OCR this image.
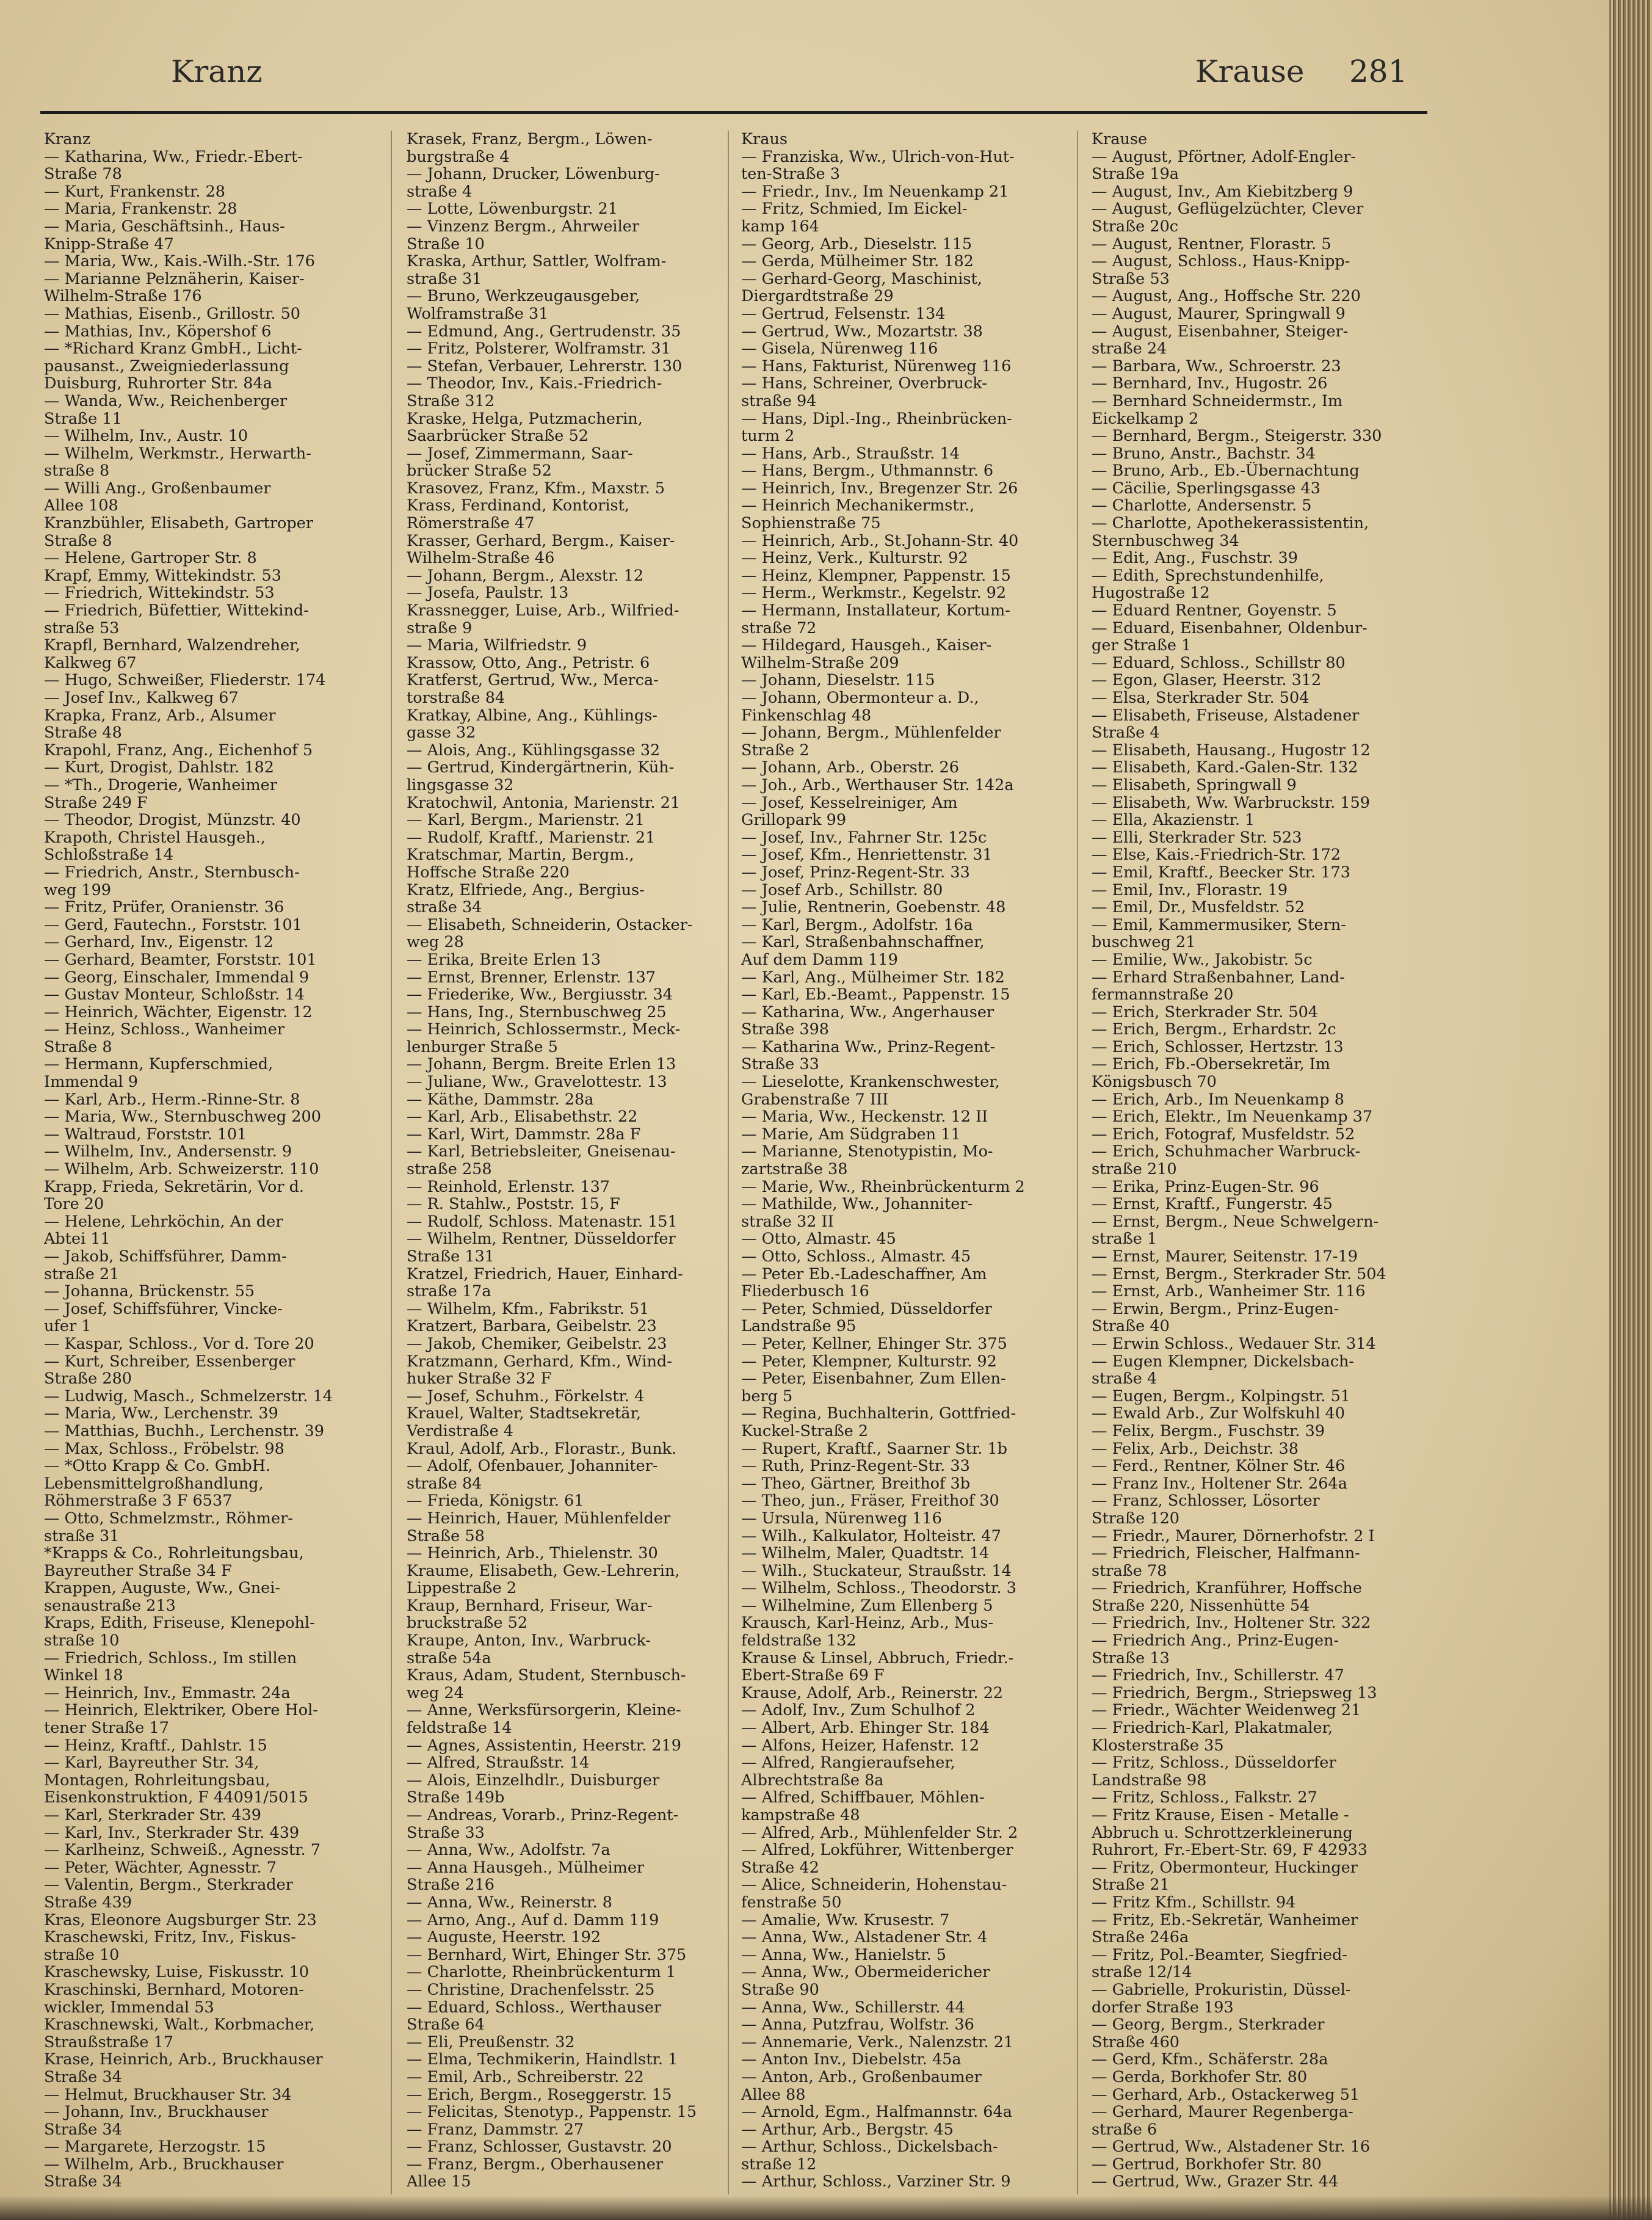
Kranz	Krause 281
Kranz
— Katharina, Ww., Friedr.-Ebert-
Straße 78
— Kurt, Frankenstr. 28
— Maria, Frankenstr. 28
— Maria, Geschäftsinh., Haus-
Knipp-Straße 47
— Maria, Ww., Kais.-Wilh.-Str. 176
— Marianne Pelznäherin, Kaiser-
Wilhelm-Straße 176
— Mathias, Eisenb., Grillostr. 50
— Mathias, Inv., Köpershof 6
— *Richard Kranz GmbH., Licht-
pausanst., Zweigniederlassung
Duisburg, Ruhrorter Str. 84a
— Wanda, Ww., Reichenberger
Straße 11
— Wilhelm, Inv., Austr. 10
— Wilhelm, Werkmstr., Herwarth-
straße 8
— Willi Ang., Großenbaumer
Allee 108
Kranzbühler, Elisabeth, Gartroper
Straße 8
— Helene, Gartroper Str. 8
Krapf, Emmy, Wittekindstr. 53
— Friedrich, Wittekindstr. 53
— Friedrich, Büfettier, Wittekind-
straße 53
Krapfl, Bernhard, Walzendreher,
Kalkweg 67
— Hugo, Schweißer, Fliederstr. 174
— Josef Inv., Kalkweg 67
Krapka, Franz, Arb., Alsumer
Straße 48
Krapohl, Franz, Ang., Eichenhof 5
— Kurt, Drogist, Dahlstr. 182
— *Th., Drogerie, Wanheimer
Straße 249 F
— Theodor, Drogist, Münzstr. 40
Krapoth, Christel Hausgeh.,
Schloßstraße 14
— Friedrich, Anstr., Sternbusch-
weg 199
— Fritz, Prüfer, Oranienstr. 36
— Gerd, Fautechn., Forststr. 101
— Gerhard, Inv., Eigenstr. 12
— Gerhard, Beamter, Forststr. 101
— Georg, Einschaler, Immendal 9
— Gustav Monteur, Schloßstr. 14
— Heinrich, Wächter, Eigenstr. 12
— Heinz, Schloss., Wanheimer
Straße 8
— Hermann, Kupferschmied,
Immendal 9
— Karl, Arb., Herm.-Rinne-Str. 8
— Maria, Ww., Sternbuschweg 200
— Waltraud, Forststr. 101
— Wilhelm, Inv., Andersenstr. 9
— Wilhelm, Arb. Schweizerstr. 110
Krapp, Frieda, Sekretärin, Vor d.
Tore 20
— Helene, Lehrköchin, An der
Abtei 11
— Jakob, Schiffsführer, Damm-
straße 21
— Johanna, Brückenstr. 55
— Josef, Schiffsführer, Vincke-
ufer 1
— Kaspar, Schloss., Vor d. Tore 20
— Kurt, Schreiber, Essenberger
Straße 280
— Ludwig, Masch., Schmelzerstr. 14
— Maria, Ww., Lerchenstr. 39
— Matthias, Buchh., Lerchenstr. 39
— Max, Schloss., Fröbelstr. 98
— *Otto Krapp & Co. GmbH.
Lebensmittelgroßhandlung,
Röhmerstraße 3 F 6537
— Otto, Schmelzmstr., Röhmer-
straße 31
*Krapps & Co., Rohrleitungsbau,
Bayreuther Straße 34 F
Krappen, Auguste, Ww., Gnei-
senaustraße 213
Kraps, Edith, Friseuse, Klenepohl-
straße 10
— Friedrich, Schloss., Im stillen
Winkel 18
— Heinrich, Inv., Emmastr. 24a
— Heinrich, Elektriker, Obere Hol-
tener Straße 17
— Heinz, Kraftf., Dahlstr. 15
— Karl, Bayreuther Str. 34,
Montagen, Rohrleitungsbau,
Eisenkonstruktion, F 44091/5015
— Karl, Sterkrader Str. 439
— Karl, Inv., Sterkrader Str. 439
— Karlheinz, Schweiß., Agnesstr. 7
— Peter, Wächter, Agnesstr. 7
— Valentin, Bergm., Sterkrader
Straße 439
Kras, Eleonore Augsburger Str. 23
Kraschewski, Fritz, Inv., Fiskus-
straße 10
Kraschewsky, Luise, Fiskusstr. 10
Kraschinski, Bernhard, Motoren-
wickler, Immendal 53
Kraschnewski, Walt., Korbmacher,
Straußstraße 17
Krase, Heinrich, Arb., Bruckhauser
Straße 34
— Helmut, Bruckhauser Str. 34
— Johann, Inv., Bruckhauser
Straße 34
— Margarete, Herzogstr. 15
— Wilhelm, Arb., Bruckhauser
Straße 34
Krasek, Franz, Bergm., Löwen-
burgstraße 4
— Johann, Drucker, Löwenburg-
straße 4
— Lotte, Löwenburgstr. 21
— Vinzenz Bergm., Ahrweiler
Straße 10
Kraska, Arthur, Sattler, Wolfram-
straße 31
— Bruno, Werkzeugausgeber,
Wolframstraße 31
— Edmund, Ang., Gertrudenstr. 35
— Fritz, Polsterer, Wolframstr. 31
— Stefan, Verbauer, Lehrerstr. 130
— Theodor, Inv., Kais.-Friedrich-
Straße 312
Kraske, Helga, Putzmacherin,
Saarbrücker Straße 52
— Josef, Zimmermann, Saar-
brücker Straße 52
Krasovez, Franz, Kfm., Maxstr. 5
Krass, Ferdinand, Kontorist,
Römerstraße 47
Krasser, Gerhard, Bergm., Kaiser-
Wilhelm-Straße 46
— Johann, Bergm., Alexstr. 12
— Josefa, Paulstr. 13
Krassnegger, Luise, Arb., Wilfried-
straße 9
— Maria, Wilfriedstr. 9
Krassow, Otto, Ang., Petristr. 6
Kratferst, Gertrud, Ww., Merca-
torstraße 84
Kratkay, Albine, Ang., Kühlings-
gasse 32
— Alois, Ang., Kühlingsgasse 32
— Gertrud, Kindergärtnerin, Küh-
lingsgasse 32
Kratochwil, Antonia, Marienstr. 21
— Karl, Bergm., Marienstr. 21
— Rudolf, Kraftf., Marienstr. 21
Kratschmar, Martin, Bergm.,
Hoffsche Straße 220
Kratz, Elfriede, Ang., Bergius-
straße 34
— Elisabeth, Schneiderin, Ostacker-
weg 28
— Erika, Breite Erlen 13
— Ernst, Brenner, Erlenstr. 137
— Friederike, Ww., Bergiusstr. 34
— Hans, Ing., Sternbuschweg 25
— Heinrich, Schlossermstr., Meck-
lenburger Straße 5
— Johann, Bergm. Breite Erlen 13
— Juliane, Ww., Gravelottestr. 13
— Käthe, Dammstr. 28a
— Karl, Arb., Elisabethstr. 22
— Karl, Wirt, Dammstr. 28a F
— Karl, Betriebsleiter, Gneisenau-
straße 258
— Reinhold, Erlenstr. 137
— R. Stahlw., Poststr. 15, F
— Rudolf, Schloss. Matenastr. 151
— Wilhelm, Rentner, Düsseldorfer
Straße 131
Kratzel, Friedrich, Hauer, Einhard-
straße 17a
— Wilhelm, Kfm., Fabrikstr. 51
Kratzert, Barbara, Geibelstr. 23
— Jakob, Chemiker, Geibelstr. 23
Kratzmann, Gerhard, Kfm., Wind-
huker Straße 32 F
— Josef, Schuhm., Förkelstr. 4
Krauel, Walter, Stadtsekretär,
Verdistraße 4
Kraul, Adolf, Arb., Florastr., Bunk.
— Adolf, Ofenbauer, Johanniter-
straße 84
— Frieda, Königstr. 61
— Heinrich, Hauer, Mühlenfelder
Straße 58
— Heinrich, Arb., Thielenstr. 30
Kraume, Elisabeth, Gew.-Lehrerin,
Lippestraße 2
Kraup, Bernhard, Friseur, War-
bruckstraße 52
Kraupe, Anton, Inv., Warbruck-
straße 54a
Kraus, Adam, Student, Sternbusch-
weg 24
— Anne, Werksfürsorgerin, Kleine-
feldstraße 14
— Agnes, Assistentin, Heerstr. 219
— Alfred, Straußstr. 14
— Alois, Einzelhdlr., Duisburger
Straße 149b
— Andreas, Vorarb., Prinz-Regent-
Straße 33
— Anna, Ww., Adolfstr. 7a
— Anna Hausgeh., Mülheimer
Straße 216
— Anna, Ww., Reinerstr. 8
— Arno, Ang., Auf d. Damm 119
— Auguste, Heerstr. 192
— Bernhard, Wirt, Ehinger Str. 375
— Charlotte, Rheinbrückenturm 1
— Christine, Drachenfelsstr. 25
— Eduard, Schloss., Werthauser
Straße 64
— Eli, Preußenstr. 32
— Elma, Techmikerin, Haindlstr. 1
— Emil, Arb., Schreiberstr. 22
— Erich, Bergm., Roseggerstr. 15
— Felicitas, Stenotyp., Pappenstr. 15
— Franz, Dammstr. 27
— Franz, Schlosser, Gustavstr. 20
— Franz, Bergm., Oberhausener
Allee 15
Kraus
— Franziska, Ww., Ulrich-von-Hut-
ten-Straße 3
— Friedr., Inv., Im Neuenkamp 21
— Fritz, Schmied, Im Eickel-
kamp 164
— Georg, Arb., Dieselstr. 115
— Gerda, Mülheimer Str. 182
— Gerhard-Georg, Maschinist,
Diergardtstraße 29
— Gertrud, Felsenstr. 134
— Gertrud, Ww., Mozartstr. 38
— Gisela, Nürenweg 116
— Hans, Fakturist, Nürenweg 116
— Hans, Schreiner, Overbruck-
straße 94
— Hans, Dipl.-Ing., Rheinbrücken-
turm 2
— Hans, Arb., Straußstr. 14
— Hans, Bergm., Uthmannstr. 6
— Heinrich, Inv., Bregenzer Str. 26
— Heinrich Mechanikermstr.,
Sophienstraße 75
— Heinrich, Arb., St.Johann-Str. 40
— Heinz, Verk., Kulturstr. 92
— Heinz, Klempner, Pappenstr. 15
— Herm., Werkmstr., Kegelstr. 92
— Hermann, Installateur, Kortum-
straße 72
— Hildegard, Hausgeh., Kaiser-
Wilhelm-Straße 209
— Johann, Dieselstr. 115
— Johann, Obermonteur a. D.,
Finkenschlag 48
— Johann, Bergm., Mühlenfelder
Straße 2
— Johann, Arb., Oberstr. 26
— Joh., Arb., Werthauser Str. 142a
— Josef, Kesselreiniger, Am
Grillopark 99
— Josef, Inv., Fahrner Str. 125c
— Josef, Kfm., Henriettenstr. 31
— Josef, Prinz-Regent-Str. 33
— Josef Arb., Schillstr. 80
— Julie, Rentnerin, Goebenstr. 48
— Karl, Bergm., Adolfstr. 16a
— Karl, Straßenbahnschaffner,
Auf dem Damm 119
— Karl, Ang., Mülheimer Str. 182
— Karl, Eb.-Beamt., Pappenstr. 15
— Katharina, Ww., Angerhauser
Straße 398
— Katharina Ww., Prinz-Regent-
Straße 33
— Lieselotte, Krankenschwester,
Grabenstraße 7 III
— Maria, Ww., Heckenstr. 12 II
— Marie, Am Südgraben 11
— Marianne, Stenotypistin, Mo-
zartstraße 38
— Marie, Ww., Rheinbrückenturm 2
— Mathilde, Ww., Johanniter-
straße 32 II
— Otto, Almastr. 45
— Otto, Schloss., Almastr. 45
— Peter Eb.-Ladeschaffner, Am
Fliederbusch 16
— Peter, Schmied, Düsseldorfer
Landstraße 95
— Peter, Kellner, Ehinger Str. 375
— Peter, Klempner, Kulturstr. 92
— Peter, Eisenbahner, Zum Ellen-
berg 5
— Regina, Buchhalterin, Gottfried-
Kuckel-Straße 2
— Rupert, Kraftf., Saarner Str. 1b
— Ruth, Prinz-Regent-Str. 33
— Theo, Gärtner, Breithof 3b
— Theo, jun., Fräser, Freithof 30
— Ursula, Nürenweg 116
— Wilh., Kalkulator, Holteistr. 47
— Wilhelm, Maler, Quadtstr. 14
— Wilh., Stuckateur, Straußstr. 14
— Wilhelm, Schloss., Theodorstr. 3
— Wilhelmine, Zum Ellenberg 5
Krausch, Karl-Heinz, Arb., Mus-
feldstraße 132
Krause & Linsel, Abbruch, Friedr.-
Ebert-Straße 69 F
Krause, Adolf, Arb., Reinerstr. 22
— Adolf, Inv., Zum Schulhof 2
— Albert, Arb. Ehinger Str. 184
— Alfons, Heizer, Hafenstr. 12
— Alfred, Rangieraufseher,
Albrechtstraße 8a
— Alfred, Schiffbauer, Möhlen-
kampstraße 48
— Alfred, Arb., Mühlenfelder Str. 2
— Alfred, Lokführer, Wittenberger
Straße 42
— Alice, Schneiderin, Hohenstau-
fenstraße 50
— Amalie, Ww. Krusestr. 7
— Anna, Ww., Alstadener Str. 4
— Anna, Ww., Hanielstr. 5
— Anna, Ww., Obermeidericher
Straße 90
— Anna, Ww., Schillerstr. 44
— Anna, Putzfrau, Wolfstr. 36
— Annemarie, Verk., Nalenzstr. 21
— Anton Inv., Diebelstr. 45a
— Anton, Arb., Großenbaumer
Allee 88
— Arnold, Egm., Halfmannstr. 64a
— Arthur, Arb., Bergstr. 45
— Arthur, Schloss., Dickelsbach-
straße 12
— Arthur, Schloss., Varziner Str. 9
Krause
— August, Pförtner, Adolf-Engler-
Straße 19a
— August, Inv., Am Kiebitzberg 9
— August, Geflügelzüchter, Clever
Straße 20c
— August, Rentner, Florastr. 5
— August, Schloss., Haus-Knipp-
Straße 53
— August, Ang., Hoffsche Str. 220
— August, Maurer, Springwall 9
— August, Eisenbahner, Steiger-
straße 24
— Barbara, Ww., Schroerstr. 23
— Bernhard, Inv., Hugostr. 26
— Bernhard Schneidermstr., Im
Eickelkamp 2
— Bernhard, Bergm., Steigerstr. 330
— Bruno, Anstr., Bachstr. 34
— Bruno, Arb., Eb.-Übernachtung
— Cäcilie, Sperlingsgasse 43
— Charlotte, Andersenstr. 5
— Charlotte, Apothekerassistentin,
Sternbuschweg 34
— Edit, Ang., Fuschstr. 39
— Edith, Sprechstundenhilfe,
Hugostraße 12
— Eduard Rentner, Goyenstr. 5
— Eduard, Eisenbahner, Oldenbur-
ger Straße 1
— Eduard, Schloss., Schillstr 80
— Egon, Glaser, Heerstr. 312
— Elsa, Sterkrader Str. 504
— Elisabeth, Friseuse, Alstadener
Straße 4
— Elisabeth, Hausang., Hugostr 12
— Elisabeth, Kard.-Galen-Str. 132
— Elisabeth, Springwall 9
— Elisabeth, Ww. Warbruckstr. 159
— Ella, Akazienstr. 1
— Elli, Sterkrader Str. 523
— Else, Kais.-Friedrich-Str. 172
— Emil, Kraftf., Beecker Str. 173
— Emil, Inv., Florastr. 19
— Emil, Dr., Musfeldstr. 52
— Emil, Kammermusiker, Stern-
buschweg 21
— Emilie, Ww., Jakobistr. 5c
— Erhard Straßenbahner, Land-
fermannstraße 20
— Erich, Sterkrader Str. 504
— Erich, Bergm., Erhardstr. 2c
— Erich, Schlosser, Hertzstr. 13
— Erich, Fb.-Obersekretär, Im
Königsbusch 70
— Erich, Arb., Im Neuenkamp 8
— Erich, Elektr., Im Neuenkamp 37
— Erich, Fotograf, Musfeldstr. 52
— Erich, Schuhmacher Warbruck-
straße 210
— Erika, Prinz-Eugen-Str. 96
— Ernst, Kraftf., Fungerstr. 45
— Ernst, Bergm., Neue Schwelgern-
straße 1
— Ernst, Maurer, Seitenstr. 17-19
— Ernst, Bergm., Sterkrader Str. 504
— Ernst, Arb., Wanheimer Str. 116
— Erwin, Bergm., Prinz-Eugen-
Straße 40
— Erwin Schloss., Wedauer Str. 314
— Eugen Klempner, Dickelsbach-
straße 4
— Eugen, Bergm., Kolpingstr. 51
— Ewald Arb., Zur Wolfskuhl 40
— Felix, Bergm., Fuschstr. 39
— Felix, Arb., Deichstr. 38
— Ferd., Rentner, Kölner Str. 46
— Franz Inv., Holtener Str. 264a
— Franz, Schlosser, Lösorter
Straße 120
— Friedr., Maurer, Dörnerhofstr. 2 I
— Friedrich, Fleischer, Halfmann-
straße 78
— Friedrich, Kranführer, Hoffsche
Straße 220, Nissenhütte 54
— Friedrich, Inv., Holtener Str. 322
— Friedrich Ang., Prinz-Eugen-
Straße 13
— Friedrich, Inv., Schillerstr. 47
— Friedrich, Bergm., Striepsweg 13
— Friedr., Wächter Weidenweg 21
— Friedrich-Karl, Plakatmaler,
Klosterstraße 35
— Fritz, Schloss., Düsseldorfer
Landstraße 98
— Fritz, Schloss., Falkstr. 27
— Fritz Krause, Eisen - Metalle -
Abbruch u. Schrottzerkleinerung
Ruhrort, Fr.-Ebert-Str. 69, F 42933
— Fritz, Obermonteur, Huckinger
Straße 21
— Fritz Kfm., Schillstr. 94
— Fritz, Eb.-Sekretär, Wanheimer
Straße 246a
— Fritz, Pol.-Beamter, Siegfried-
straße 12/14
— Gabrielle, Prokuristin, Düssel-
dorfer Straße 193
— Georg, Bergm., Sterkrader
Straße 460
— Gerd, Kfm., Schäferstr. 28a
— Gerda, Borkhofer Str. 80
— Gerhard, Arb., Ostackerweg 51
— Gerhard, Maurer Regenberga-
straße 6
— Gertrud, Ww., Alstadener Str. 16
— Gertrud, Borkhofer Str. 80
— Gertrud, Ww., Grazer Str. 44
